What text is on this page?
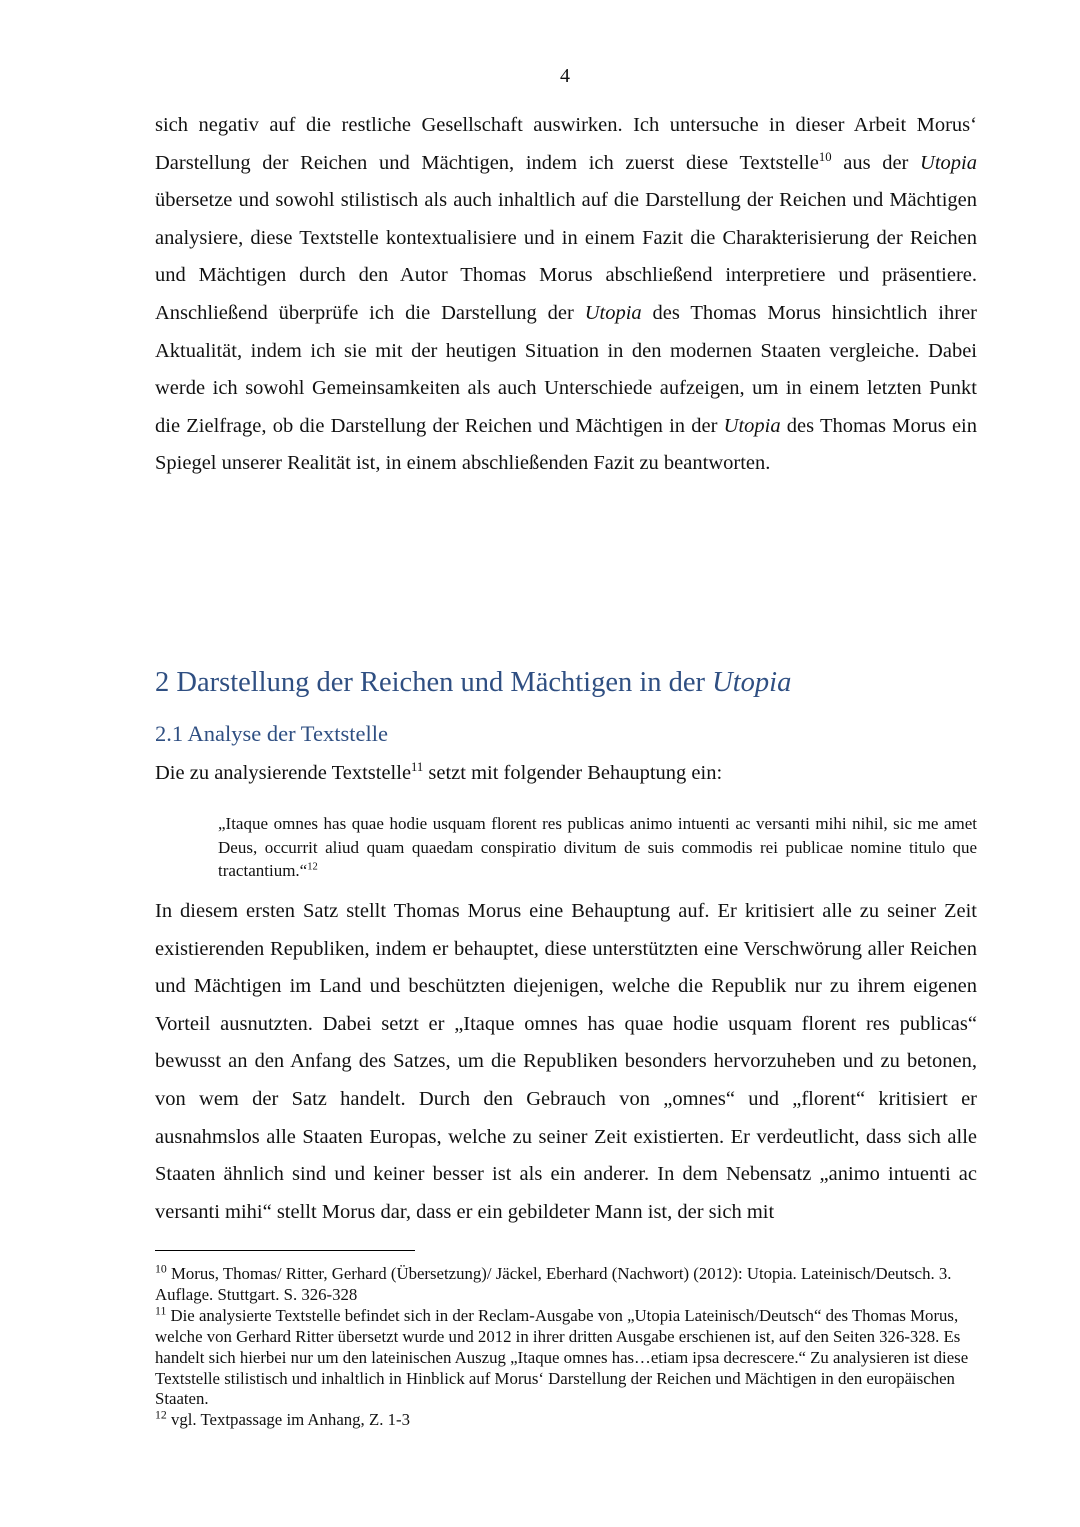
4

sich negativ auf die restliche Gesellschaft auswirken. Ich untersuche in dieser Arbeit Morus‘ Darstellung der Reichen und Mächtigen, indem ich zuerst diese Textstelle$^{10}$ aus der Utopia übersetze und sowohl stilistisch als auch inhaltlich auf die Darstellung der Reichen und Mächtigen analysiere, diese Textstelle kontextualisiere und in einem Fazit die Charakterisierung der Reichen und Mächtigen durch den Autor Thomas Morus abschließend interpretiere und präsentiere. Anschließend überprüfe ich die Darstellung der Utopia des Thomas Morus hinsichtlich ihrer Aktualität, indem ich sie mit der heutigen Situation in den modernen Staaten vergleiche. Dabei werde ich sowohl Gemeinsamkeiten als auch Unterschiede aufzeigen, um in einem letzten Punkt die Zielfrage, ob die Darstellung der Reichen und Mächtigen in der Utopia des Thomas Morus ein Spiegel unserer Realität ist, in einem abschließenden Fazit zu beantworten.

2 Darstellung der Reichen und Mächtigen in der Utopia
2.1 Analyse der Textstelle

Die zu analysierende Textstelle$^{11}$ setzt mit folgender Behauptung ein:

„Itaque omnes has quae hodie usquam florent res publicas animo intuenti ac versanti mihi nihil, sic me amet Deus, occurrit aliud quam quaedam conspiratio divitum de suis commodis rei publicae nomine titulo que tractantium.“$^{12}$

In diesem ersten Satz stellt Thomas Morus eine Behauptung auf. Er kritisiert alle zu seiner Zeit existierenden Republiken, indem er behauptet, diese unterstützten eine Verschwörung aller Reichen und Mächtigen im Land und beschützten diejenigen, welche die Republik nur zu ihrem eigenen Vorteil ausnutzten. Dabei setzt er „Itaque omnes has quae hodie usquam florent res publicas“ bewusst an den Anfang des Satzes, um die Republiken besonders hervorzuheben und zu betonen, von wem der Satz handelt. Durch den Gebrauch von „omnes“ und „florent“ kritisiert er ausnahmslos alle Staaten Europas, welche zu seiner Zeit existierten. Er verdeutlicht, dass sich alle Staaten ähnlich sind und keiner besser ist als ein anderer. In dem Nebensatz „animo intuenti ac versanti mihi“ stellt Morus dar, dass er ein gebildeter Mann ist, der sich mit

$^{10}$ Morus, Thomas/ Ritter, Gerhard (Übersetzung)/ Jäckel, Eberhard (Nachwort) (2012): Utopia. Lateinisch/Deutsch. 3. Auflage. Stuttgart. S. 326-328

$^{11}$ Die analysierte Textstelle befindet sich in der Reclam-Ausgabe von „Utopia Lateinisch/Deutsch“ des Thomas Morus, welche von Gerhard Ritter übersetzt wurde und 2012 in ihrer dritten Ausgabe erschienen ist, auf den Seiten 326-328. Es handelt sich hierbei nur um den lateinischen Auszug „Itaque omnes has…etiam ipsa decrescere.“ Zu analysieren ist diese Textstelle stilistisch und inhaltlich in Hinblick auf Morus‘ Darstellung der Reichen und Mächtigen in den europäischen Staaten.

$^{12}$ vgl. Textpassage im Anhang, Z. 1-3
